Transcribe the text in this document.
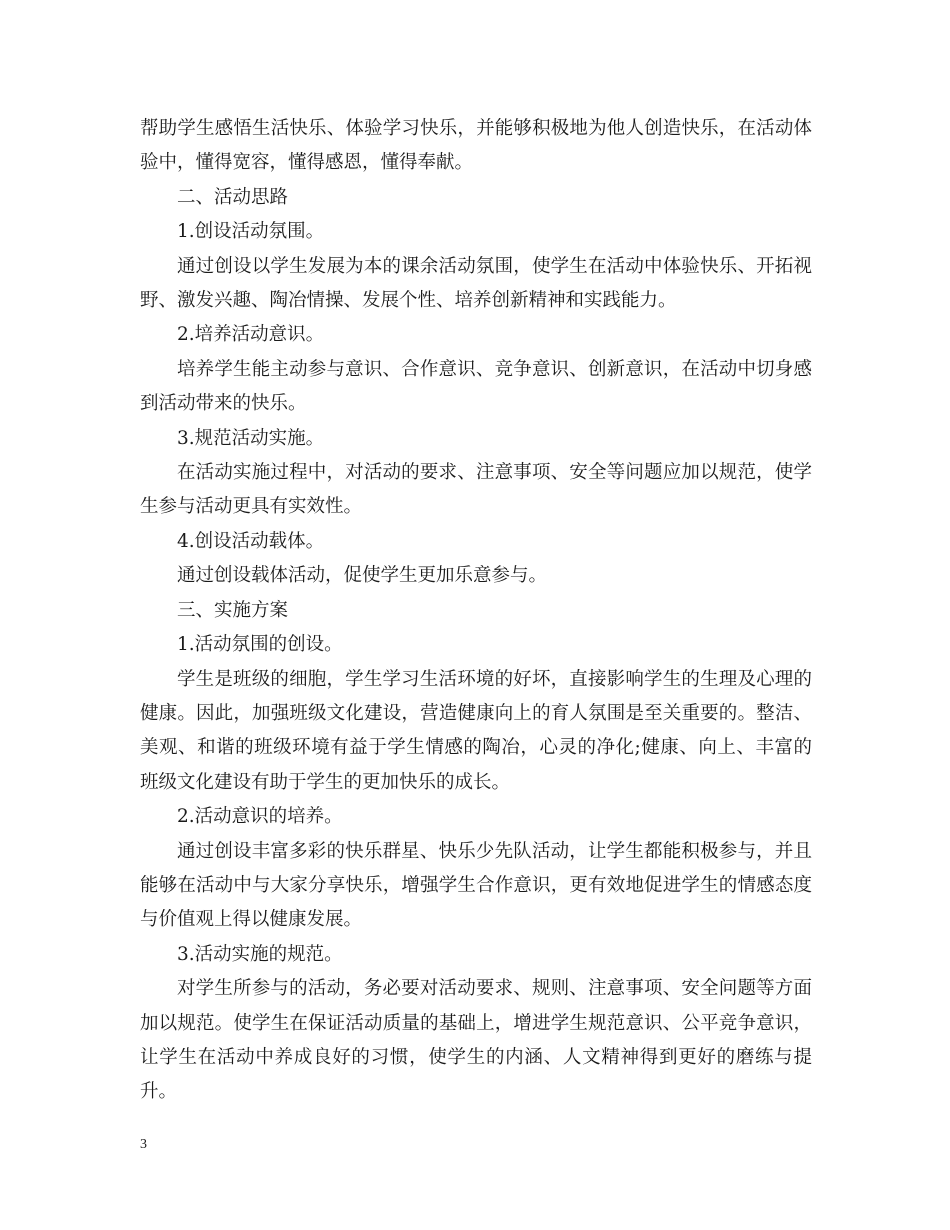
帮助学生感悟生活快乐、体验学习快乐，并能够积极地为他人创造快乐，在活动体验中，懂得宽容，懂得感恩，懂得奉献。

二、活动思路

1.创设活动氛围。

通过创设以学生发展为本的课余活动氛围，使学生在活动中体验快乐、开拓视野、激发兴趣、陶冶情操、发展个性、培养创新精神和实践能力。

2.培养活动意识。

培养学生能主动参与意识、合作意识、竞争意识、创新意识，在活动中切身感到活动带来的快乐。

3.规范活动实施。

在活动实施过程中，对活动的要求、注意事项、安全等问题应加以规范，使学生参与活动更具有实效性。

4.创设活动载体。

通过创设载体活动，促使学生更加乐意参与。

三、实施方案

1.活动氛围的创设。

学生是班级的细胞，学生学习生活环境的好坏，直接影响学生的生理及心理的健康。因此，加强班级文化建设，营造健康向上的育人氛围是至关重要的。整洁、美观、和谐的班级环境有益于学生情感的陶冶，心灵的净化;健康、向上、丰富的班级文化建设有助于学生的更加快乐的成长。

2.活动意识的培养。

通过创设丰富多彩的快乐群星、快乐少先队活动，让学生都能积极参与，并且能够在活动中与大家分享快乐，增强学生合作意识，更有效地促进学生的情感态度与价值观上得以健康发展。

3.活动实施的规范。

对学生所参与的活动，务必要对活动要求、规则、注意事项、安全问题等方面加以规范。使学生在保证活动质量的基础上，增进学生规范意识、公平竞争意识，让学生在活动中养成良好的习惯，使学生的内涵、人文精神得到更好的磨练与提升。

3
